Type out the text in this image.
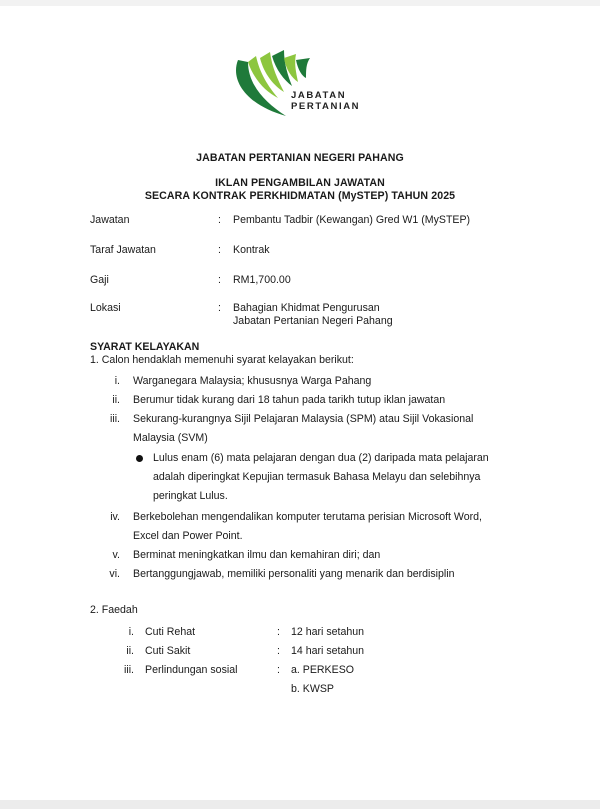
JABATAN
PERTANIAN
JABATAN PERTANIAN NEGERI PAHANG
IKLAN PENGAMBILAN JAWATAN
SECARA KONTRAK PERKHIDMATAN (MySTEP) TAHUN 2025
Jawatan	: Pembantu Tadbir (Kewangan) Gred W1 (MySTEP)
Taraf Jawatan	: Kontrak
Gaji	: RM1,700.00
Lokasi	: Bahagian Khidmat Pengurusan
Jabatan Pertanian Negeri Pahang
SYARAT KELAYAKAN
1. Calon hendaklah memenuhi syarat kelayakan berikut:
i. Warganegara Malaysia; khususnya Warga Pahang
ii. Berumur tidak kurang dari 18 tahun pada tarikh tutup iklan jawatan
iii. Sekurang-kurangnya Sijil Pelajaran Malaysia (SPM) atau Sijil Vokasional
Malaysia (SVM)
Lulus enam (6) mata pelajaran dengan dua (2) daripada mata pelajaran
adalah diperingkat Kepujian termasuk Bahasa Melayu dan selebihnya
peringkat Lulus.
iv. Berkebolehan mengendalikan komputer terutama perisian Microsoft Word,
Excel dan Power Point.
v. Berminat meningkatkan ilmu dan kemahiran diri; dan
vi. Bertanggungjawab, memiliki personaliti yang menarik dan berdisiplin
2. Faedah
i. Cuti Rehat	: 12 hari setahun
ii. Cuti Sakit	: 14 hari setahun
iii. Perlindungan sosial	: a. PERKESO
b. KWSP
